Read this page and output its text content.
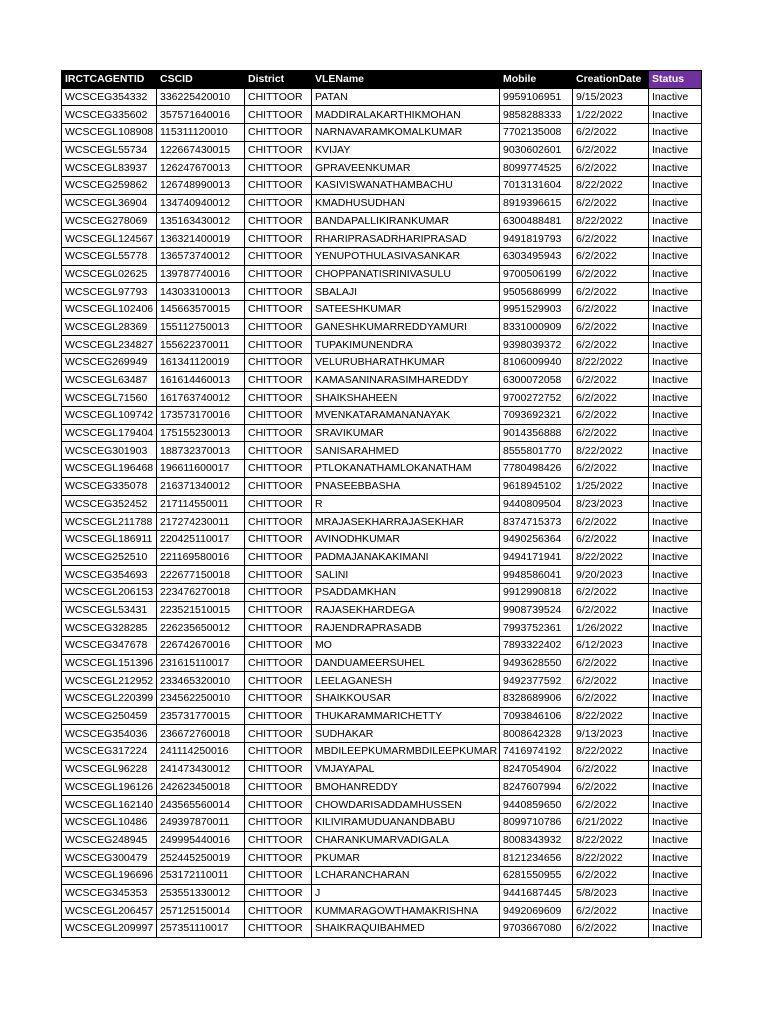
IRCTCAGENTID	CSCID	District	VLEName	Mobile	CreationDate	Status
WCSCEG354332	336225420010	CHITTOOR	PATAN	9959106951	9/15/2023	Inactive
WCSCEG335602	357571640016	CHITTOOR	MADDIRALAKARTHIKMOHAN	9858288333	1/22/2022	Inactive
WCSCEGL108908	115311120010	CHITTOOR	NARNAVARAMKOMALKUMAR	7702135008	6/2/2022	Inactive
WCSCEGL55734	122667430015	CHITTOOR	KVIJAY	9030602601	6/2/2022	Inactive
WCSCEGL83937	126247670013	CHITTOOR	GPRAVEENKUMAR	8099774525	6/2/2022	Inactive
WCSCEG259862	126748990013	CHITTOOR	KASIVISWANATHAMBACHU	7013131604	8/22/2022	Inactive
WCSCEGL36904	134740940012	CHITTOOR	KMADHUSUDHAN	8919396615	6/2/2022	Inactive
WCSCEG278069	135163430012	CHITTOOR	BANDAPALLIKIRANKUMAR	6300488481	8/22/2022	Inactive
WCSCEGL124567	136321400019	CHITTOOR	RHARIPRASADRHARIPRASAD	9491819793	6/2/2022	Inactive
WCSCEGL55778	136573740012	CHITTOOR	YENUPOTHULASIVASANKAR	6303495943	6/2/2022	Inactive
WCSCEGL02625	139787740016	CHITTOOR	CHOPPANATISRINIVASULU	9700506199	6/2/2022	Inactive
WCSCEGL97793	143033100013	CHITTOOR	SBALAJI	9505686999	6/2/2022	Inactive
WCSCEGL102406	145663570015	CHITTOOR	SATEESHKUMAR	9951529903	6/2/2022	Inactive
WCSCEGL28369	155112750013	CHITTOOR	GANESHKUMARREDDYAMURI	8331000909	6/2/2022	Inactive
WCSCEGL234827	155622370011	CHITTOOR	TUPAKIMUNENDRA	9398039372	6/2/2022	Inactive
WCSCEG269949	161341120019	CHITTOOR	VELURUBHARATHKUMAR	8106009940	8/22/2022	Inactive
WCSCEGL63487	161614460013	CHITTOOR	KAMASANINARASIMHAREDDY	6300072058	6/2/2022	Inactive
WCSCEGL71560	161763740012	CHITTOOR	SHAIKSHAHEEN	9700272752	6/2/2022	Inactive
WCSCEGL109742	173573170016	CHITTOOR	MVENKATARAMANANAYAK	7093692321	6/2/2022	Inactive
WCSCEGL179404	175155230013	CHITTOOR	SRAVIKUMAR	9014356888	6/2/2022	Inactive
WCSCEG301903	188732370013	CHITTOOR	SANISARAHMED	8555801770	8/22/2022	Inactive
WCSCEGL196468	196611600017	CHITTOOR	PTLOKANATHAMLOKANATHAM	7780498426	6/2/2022	Inactive
WCSCEG335078	216371340012	CHITTOOR	PNASEEBBASHA	9618945102	1/25/2022	Inactive
WCSCEG352452	217114550011	CHITTOOR	R	9440809504	8/23/2023	Inactive
WCSCEGL211788	217274230011	CHITTOOR	MRAJASEKHARRAJASEKHAR	8374715373	6/2/2022	Inactive
WCSCEGL186911	220425110017	CHITTOOR	AVINODHKUMAR	9490256364	6/2/2022	Inactive
WCSCEG252510	221169580016	CHITTOOR	PADMAJANAKAKIMANI	9494171941	8/22/2022	Inactive
WCSCEG354693	222677150018	CHITTOOR	SALINI	9948586041	9/20/2023	Inactive
WCSCEGL206153	223476270018	CHITTOOR	PSADDAMKHAN	9912990818	6/2/2022	Inactive
WCSCEGL53431	223521510015	CHITTOOR	RAJASEKHARDEGA	9908739524	6/2/2022	Inactive
WCSCEG328285	226235650012	CHITTOOR	RAJENDRAPRASADB	7993752361	1/26/2022	Inactive
WCSCEG347678	226742670016	CHITTOOR	MO	7893322402	6/12/2023	Inactive
WCSCEGL151396	231615110017	CHITTOOR	DANDUAMEERSUHEL	9493628550	6/2/2022	Inactive
WCSCEGL212952	233465320010	CHITTOOR	LEELAGANESH	9492377592	6/2/2022	Inactive
WCSCEGL220399	234562250010	CHITTOOR	SHAIKKOUSAR	8328689906	6/2/2022	Inactive
WCSCEG250459	235731770015	CHITTOOR	THUKARAMMARICHETTY	7093846106	8/22/2022	Inactive
WCSCEG354036	236672760018	CHITTOOR	SUDHAKAR	8008642328	9/13/2023	Inactive
WCSCEG317224	241114250016	CHITTOOR	MBDILEEPKUMARMBDILEEPKUMAR	7416974192	8/22/2022	Inactive
WCSCEGL96228	241473430012	CHITTOOR	VMJAYAPAL	8247054904	6/2/2022	Inactive
WCSCEGL196126	242623450018	CHITTOOR	BMOHANREDDY	8247607994	6/2/2022	Inactive
WCSCEGL162140	243565560014	CHITTOOR	CHOWDARISADDAMHUSSEN	9440859650	6/2/2022	Inactive
WCSCEGL10486	249397870011	CHITTOOR	KILIVIRAMUDUANANDBABU	8099710786	6/21/2022	Inactive
WCSCEG248945	249995440016	CHITTOOR	CHARANKUMARVADIGALA	8008343932	8/22/2022	Inactive
WCSCEG300479	252445250019	CHITTOOR	PKUMAR	8121234656	8/22/2022	Inactive
WCSCEGL196696	253172110011	CHITTOOR	LCHARANCHARAN	6281550955	6/2/2022	Inactive
WCSCEG345353	253551330012	CHITTOOR	J	9441687445	5/8/2023	Inactive
WCSCEGL206457	257125150014	CHITTOOR	KUMMARAGOWTHAMAKRISHNA	9492069609	6/2/2022	Inactive
WCSCEGL209997	257351110017	CHITTOOR	SHAIKRAQUIBAHMED	9703667080	6/2/2022	Inactive
